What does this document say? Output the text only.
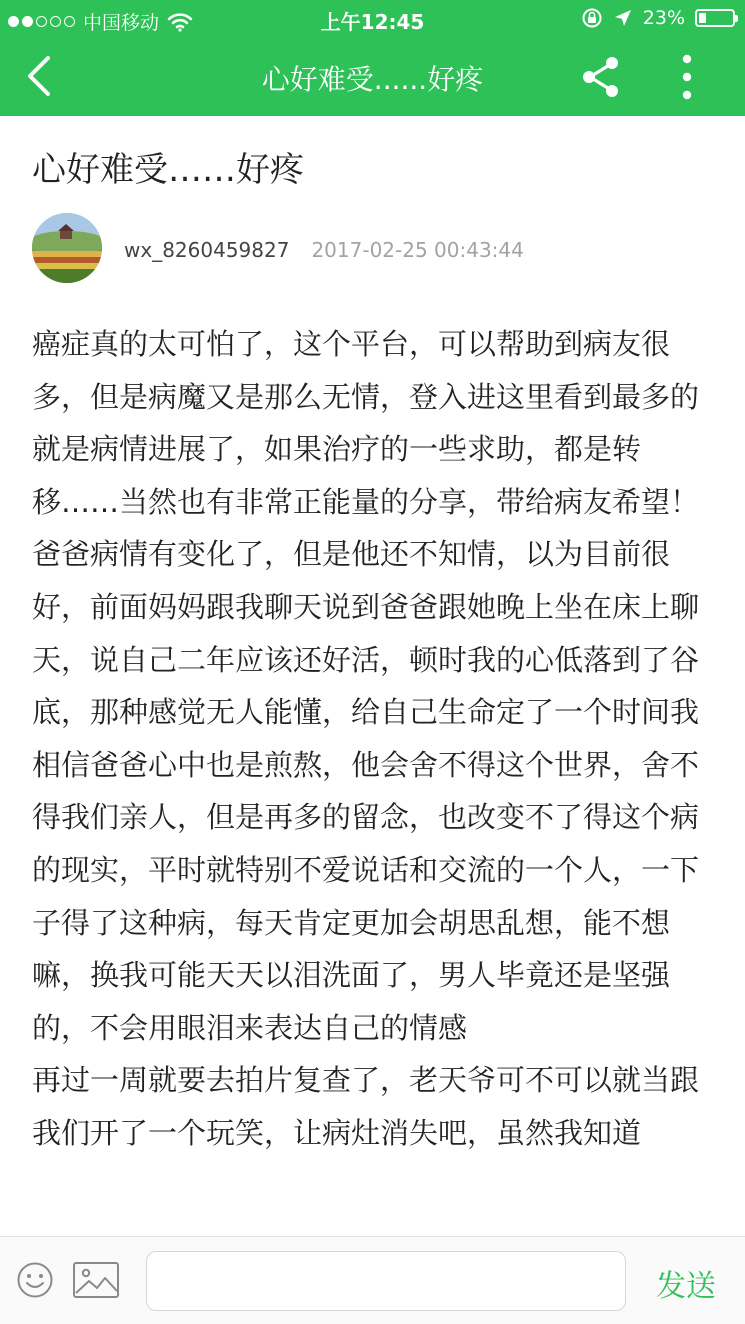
中国移动	上午12:45	23%
心好难受......好疼
心好难受……好疼
wx_8260459827 2017-02-25 00:43:44

癌症真的太可怕了，这个平台，可以帮助到病友很多，但是病魔又是那么无情，登入进这里看到最多的就是病情进展了，如果治疗的一些求助，都是转移……当然也有非常正能量的分享，带给病友希望！

爸爸病情有变化了，但是他还不知情，以为目前很好，前面妈妈跟我聊天说到爸爸跟她晚上坐在床上聊天，说自己二年应该还好活，顿时我的心低落到了谷底，那种感觉无人能懂，给自己生命定了一个时间我相信爸爸心中也是煎熬，他会舍不得这个世界，舍不得我们亲人，但是再多的留念，也改变不了得这个病的现实，平时就特别不爱说话和交流的一个人，一下子得了这种病，每天肯定更加会胡思乱想，能不想嘛，换我可能天天以泪洗面了，男人毕竟还是坚强的，不会用眼泪来表达自己的情感

再过一周就要去拍片复查了，老天爷可不可以就当跟我们开了一个玩笑，让病灶消失吧，虽然我知道

发送
